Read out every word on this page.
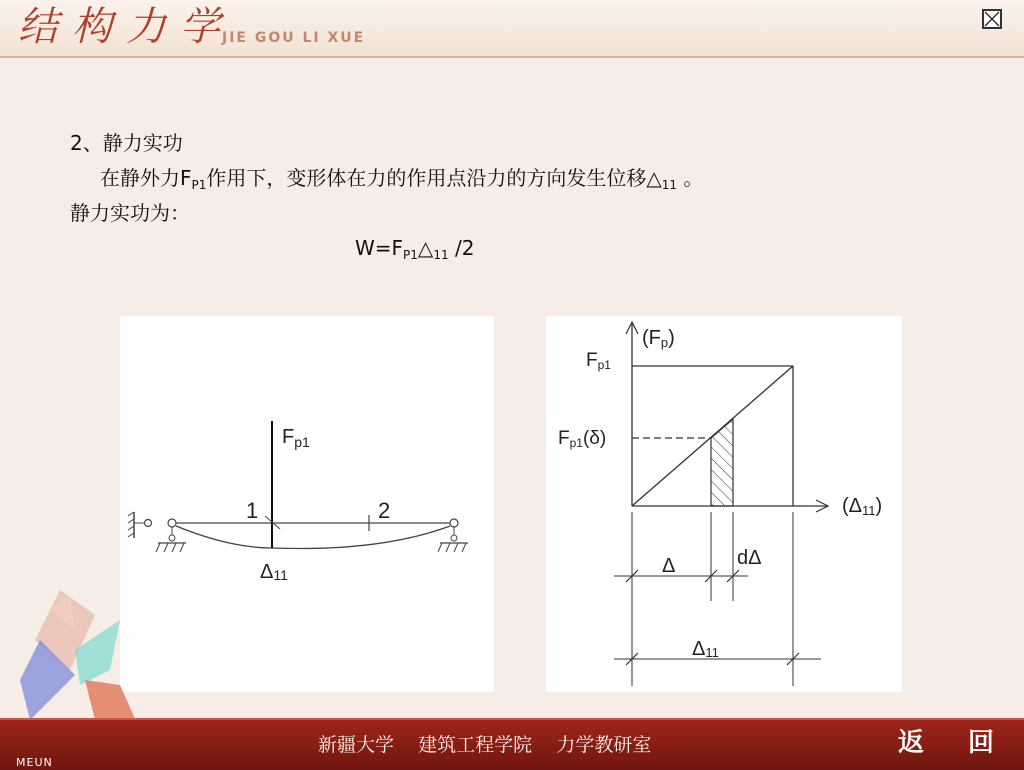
结构力学
JIE GOU LI XUE
2、静力实功
在静外力$F_{P1}$作用下，变形体在力的作用点沿力的方向发生位移$\triangle_{11}$ 。
静力实功为：
$W=F_{P1}\triangle_{11}$ /2
$F_{p1}$
1	2
Δ11
(Fp)
Fp1
Fp1(δ)
(Δ11)
Δ	dΔ
Δ11
新疆大学    建筑工程学院    力学教研室	返 回
MEUN
